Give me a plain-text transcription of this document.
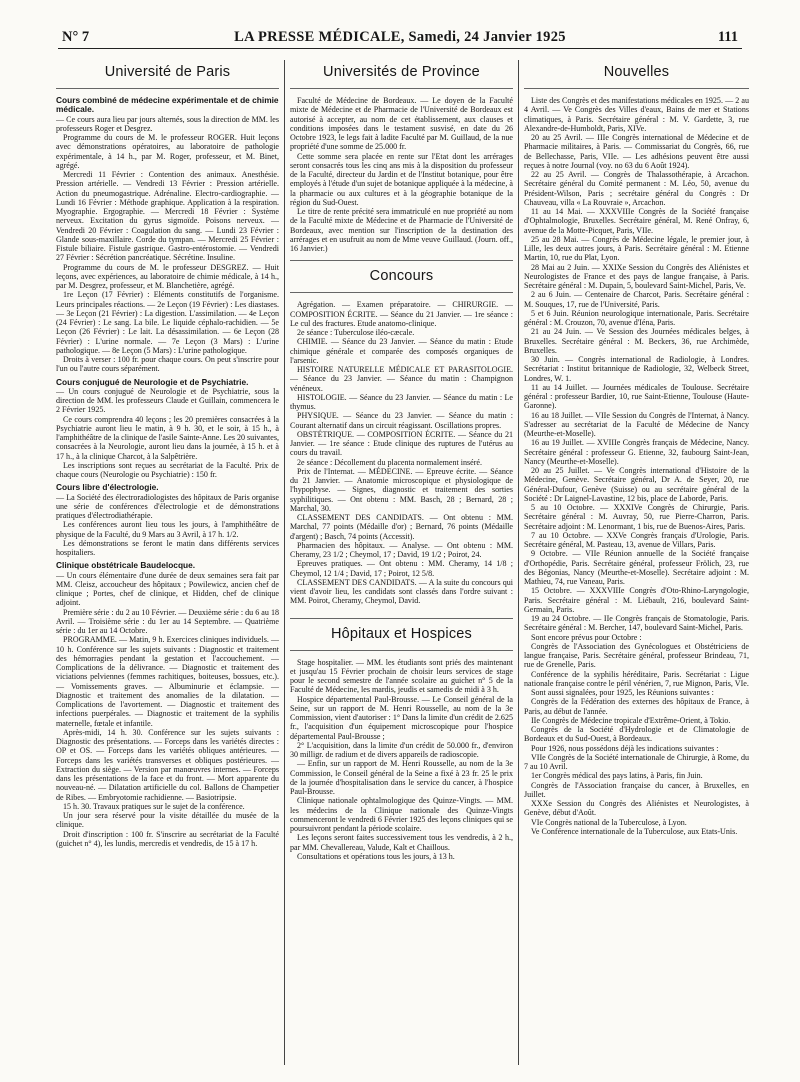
N° 7	LA PRESSE MÉDICALE, Samedi, 24 Janvier 1925	111
Université de Paris
Cours combiné de médecine expérimentale et de chimie médicale.

— Ce cours aura lieu par jours alternés, sous la direction de MM. les professeurs Roger et Desgrez.

Programme du cours de M. le professeur ROGER. Huit leçons avec démonstrations opératoires, au laboratoire de pathologie expérimentale, à 14 h., par M. Roger, professeur, et M. Binet, agrégé.

Mercredi 11 Février : Contention des animaux. Anesthésie. Pression artérielle. — Vendredi 13 Février : Pression artérielle. Action du pneumogastrique. Adrénaline. Electro-cardiographie. — Lundi 16 Février : Méthode graphique. Application à la respiration. Myographie. Ergographie. — Mercredi 18 Février : Système nerveux. Excitation du gyrus sigmoïde. Poisons nerveux. — Vendredi 20 Février : Coagulation du sang. — Lundi 23 Février : Glande sous-maxillaire. Corde du tympan. — Mercredi 25 Février : Fistule biliaire. Fistule gastrique. Gastro-entérostomie. — Vendredi 27 Février : Sécrétion pancréatique. Sécrétine. Insuline.

Programme du cours de M. le professeur DESGREZ. — Huit leçons, avec expériences, au laboratoire de chimie médicale, à 14 h., par M. Desgrez, professeur, et M. Blanchetière, agrégé.

1re Leçon (17 Février) : Eléments constitutifs de l'organisme. Leurs principales réactions. — 2e Leçon (19 Février) : Les diastases. — 3e Leçon (21 Février) : La digestion. L'assimilation. — 4e Leçon (24 Février) : Le sang. La bile. Le liquide céphalo-rachidien. — 5e Leçon (26 Février) : Le lait. La désassimilation. — 6e Leçon (28 Février) : L'urine normale. — 7e Leçon (3 Mars) : L'urine pathologique. — 8e Leçon (5 Mars) : L'urine pathologique.

Droits à verser : 100 fr. pour chaque cours. On peut s'inscrire pour l'un ou l'autre cours séparément.

Cours conjugué de Neurologie et de Psychiatrie.

— Un cours conjugué de Neurologie et de Psychiatrie, sous la direction de MM. les professeurs Claude et Guillain, commencera le 2 Février 1925.

Ce cours comprendra 40 leçons ; les 20 premières consacrées à la Psychiatrie auront lieu le matin, à 9 h. 30, et le soir, à 15 h., à l'amphithéâtre de la clinique de l'asile Sainte-Anne. Les 20 suivantes, consacrées à la Neurologie, auront lieu dans la journée, à 15 h. et à 17 h., à la clinique Charcot, à la Salpêtrière.

Les inscriptions sont reçues au secrétariat de la Faculté. Prix de chaque cours (Neurologie ou Psychiatrie) : 150 fr.

Cours libre d'électrologie.

— La Société des électroradiologistes des hôpitaux de Paris organise une série de conférences d'électrologie et de démonstrations pratiques d'électrodiathérapie.

Les conférences auront lieu tous les jours, à l'amphithéâtre de physique de la Faculté, du 9 Mars au 3 Avril, à 17 h. 1/2.

Les démonstrations se feront le matin dans différents services hospitaliers.

Clinique obstétricale Baudelocque.

— Un cours élémentaire d'une durée de deux semaines sera fait par MM. Cleisz, accoucheur des hôpitaux ; Powilewicz, ancien chef de clinique ; Portes, chef de clinique, et Hidden, chef de clinique adjoint.

Première série : du 2 au 10 Février. — Deuxième série : du 6 au 18 Avril. — Troisième série : du 1er au 14 Septembre. — Quatrième série : du 1er au 14 Octobre.

PROGRAMME. — Matin, 9 h. Exercices cliniques individuels. — 10 h. Conférence sur les sujets suivants : Diagnostic et traitement des hémorragies pendant la gestation et l'accouchement. — Complications de la délivrance. — Diagnostic et traitement des viciations pelviennes (femmes rachitiques, boiteuses, bossues, etc.). — Vomissements graves. — Albuminurie et éclampsie. — Diagnostic et traitement des anomalies de la dilatation. — Complications de l'avortement. — Diagnostic et traitement des infections puerpérales. — Diagnostic et traitement de la syphilis maternelle, fœtale et infantile.

Après-midi, 14 h. 30. Conférence sur les sujets suivants : Diagnostic des présentations. — Forceps dans les variétés directes : OP et OS. — Forceps dans les variétés obliques antérieures. — Forceps dans les variétés transverses et obliques postérieures. — Extraction du siège. — Version par manœuvres internes. — Forceps dans les présentations de la face et du front. — Mort apparente du nouveau-né. — Dilatation artificielle du col. Ballons de Champetier de Ribes. — Embryotomie rachidienne. — Basiotripsie.

15 h. 30. Travaux pratiques sur le sujet de la conférence.

Un jour sera réservé pour la visite détaillée du musée de la clinique.

Droit d'inscription : 100 fr. S'inscrire au secrétariat de la Faculté (guichet n° 4), les lundis, mercredis et vendredis, de 15 à 17 h.

Universités de Province

Faculté de Médecine de Bordeaux. — Le doyen de la Faculté mixte de Médecine et de Pharmacie de l'Université de Bordeaux est autorisé à accepter, au nom de cet établissement, aux clauses et conditions imposées dans le testament susvisé, en date du 26 Octobre 1923, le legs fait à ladite Faculté par M. Guillaud, de la nue propriété d'une somme de 25.000 fr.

Cette somme sera placée en rente sur l'Etat dont les arrérages seront consacrés tous les cinq ans mis à la disposition du professeur de la Faculté, directeur du Jardin et de l'Institut botanique, pour être employés à l'étude d'un sujet de botanique appliquée à la médecine, à la pharmacie ou aux cultures et à la géographie botanique de la région du Sud-Ouest.

Le titre de rente précité sera immatriculé en nue propriété au nom de la Faculté mixte de Médecine et de Pharmacie de l'Université de Bordeaux, avec mention sur l'inscription de la destination des arrérages et en usufruit au nom de Mme veuve Guillaud. (Journ. off., 16 Janvier.)

Concours

Agrégation. — Examen préparatoire. — CHIRURGIE. — COMPOSITION ÉCRITE. — Séance du 21 Janvier. — 1re séance : Le cul des fractures. Etude anatomo-clinique.

2e séance : Tuberculose iléo-cæcale.

CHIMIE. — Séance du 23 Janvier. — Séance du matin : Etude chimique générale et comparée des composés organiques de l'arsenic.

HISTOIRE NATURELLE MÉDICALE ET PARASITOLOGIE. — Séance du 23 Janvier. — Séance du matin : Champignon vénéneux.

HISTOLOGIE. — Séance du 23 Janvier. — Séance du matin : Le thymus.

PHYSIQUE. — Séance du 23 Janvier. — Séance du matin : Courant alternatif dans un circuit réagissant. Oscillations propres.

OBSTÉTRIQUE. — COMPOSITION ÉCRITE. — Séance du 21 Janvier. — 1re séance : Etude clinique des ruptures de l'utérus au cours du travail.

2e séance : Décollement du placenta normalement inséré.

Prix de l'Internat. — MÉDECINE. — Epreuve écrite. — Séance du 21 Janvier. — Anatomie microscopique et physiologique de l'hypophyse. — Signes, diagnostic et traitement des sorties syphilitiques. — Ont obtenu : MM. Basch, 28 ; Bernard, 28 ; Marchal, 30.

CLASSEMENT DES CANDIDATS. — Ont obtenu : MM. Marchal, 77 points (Médaille d'or) ; Bernard, 76 points (Médaille d'argent) ; Basch, 74 points (Accessit).

Pharmacien des hôpitaux. — Analyse. — Ont obtenu : MM. Cheramy, 23 1/2 ; Cheymol, 17 ; David, 19 1/2 ; Poirot, 24.

Epreuves pratiques. — Ont obtenu : MM. Cheramy, 14 1/8 ; Cheymol, 12 1/4 ; David, 17 ; Poirot, 12 5/8.

CLASSEMENT DES CANDIDATS. — A la suite du concours qui vient d'avoir lieu, les candidats sont classés dans l'ordre suivant : MM. Poirot, Cheramy, Cheymol, David.

Hôpitaux et Hospices

Stage hospitalier. — MM. les étudiants sont priés des maintenant et jusqu'au 15 Février prochain de choisir leurs services de stage pour le second semestre de l'année scolaire au guichet n° 5 de la Faculté de Médecine, les mardis, jeudis et samedis de midi à 3 h.

Hospice départemental Paul-Brousse. — Le Conseil général de la Seine, sur un rapport de M. Henri Rousselle, au nom de la 3e Commission, vient d'autoriser : 1° Dans la limite d'un crédit de 2.625 fr., l'acquisition d'un équipement microscopique pour l'hospice départemental Paul-Brousse ;

2° L'acquisition, dans la limite d'un crédit de 50.000 fr., d'environ 30 milligr. de radium et de divers appareils de radioscopie.

— Enfin, sur un rapport de M. Henri Rousselle, au nom de la 3e Commission, le Conseil général de la Seine a fixé à 23 fr. 25 le prix de la journée d'hospitalisation dans le service du cancer, à l'hospice Paul-Brousse.

Clinique nationale ophtalmologique des Quinze-Vingts. — MM. les médecins de la Clinique nationale des Quinze-Vingts commenceront le vendredi 6 Février 1925 des leçons cliniques qui se poursuivront pendant la période scolaire.

Les leçons seront faites successivement tous les vendredis, à 2 h., par MM. Chevallereau, Valude, Kalt et Chaillous.

Consultations et opérations tous les jours, à 13 h.

Nouvelles

Liste des Congrès et des manifestations médicales en 1925. — 2 au 4 Avril. — Ve Congrès des Villes d'eaux, Bains de mer et Stations climatiques, à Paris. Secrétaire général : M. V. Gardette, 3, rue Alexandre-de-Humboldt, Paris, XIVe.

20 au 25 Avril. — IIIe Congrès international de Médecine et de Pharmacie militaires, à Paris. — Commissariat du Congrès, 66, rue de Bellechasse, Paris, VIIe. — Les adhésions peuvent être aussi reçues à notre Journal (voy. no 63 du 6 Août 1924).

22 au 25 Avril. — Congrès de Thalassothérapie, à Arcachon. Secrétaire général du Comité permanent : M. Léo, 50, avenue du Président-Wilson, Paris ; secrétaire général du Congrès : Dr Chauveau, villa « La Rouvraie », Arcachon.

11 au 14 Mai. — XXXVIIIe Congrès de la Société française d'Ophtalmologie, Bruxelles. Secrétaire général, M. René Onfray, 6, avenue de la Motte-Picquet, Paris, VIIe.

25 au 28 Mai. — Congrès de Médecine légale, le premier jour, à Lille, les deux autres jours, à Paris. Secrétaire général : M. Etienne Martin, 10, rue du Plat, Lyon.

28 Mai au 2 Juin. — XXIXe Session du Congrès des Aliénistes et Neurologistes de France et des pays de langue française, à Paris. Secrétaire général : M. Dupain, 5, boulevard Saint-Michel, Paris, Ve.

2 au 6 Juin. — Centenaire de Charcot, Paris. Secrétaire général : M. Souques, 17, rue de l'Université, Paris.

5 et 6 Juin. Réunion neurologique internationale, Paris. Secrétaire général : M. Crouzon, 70, avenue d'Iéna, Paris.

21 au 24 Juin. — Ve Session des Journées médicales belges, à Bruxelles. Secrétaire général : M. Beckers, 36, rue Archimède, Bruxelles.

30 Juin. — Congrès international de Radiologie, à Londres. Secrétariat : Institut britannique de Radiologie, 32, Welbeck Street, Londres, W. 1.

11 au 14 Juillet. — Journées médicales de Toulouse. Secrétaire général : professeur Bardier, 10, rue Saint-Etienne, Toulouse (Haute-Garonne).

16 au 18 Juillet. — VIIe Session du Congrès de l'Internat, à Nancy. S'adresser au secrétariat de la Faculté de Médecine de Nancy (Meurthe-et-Moselle).

16 au 19 Juillet. — XVIIIe Congrès français de Médecine, Nancy. Secrétaire général : professeur G. Etienne, 32, faubourg Saint-Jean, Nancy (Meurthe-et-Moselle).

20 au 25 Juillet. — Ve Congrès international d'Histoire de la Médecine, Genève. Secrétaire général, Dr A. de Seyer, 20, rue Général-Dufour, Genève (Suisse) ou au secrétaire général de la Société : Dr Laignel-Lavastine, 12 bis, place de Laborde, Paris.

5 au 10 Octobre. — XXXIVe Congrès de Chirurgie, Paris. Secrétaire général : M. Auvray, 50, rue Pierre-Charron, Paris. Secrétaire adjoint : M. Lenormant, 1 bis, rue de Buenos-Aires, Paris.

7 au 10 Octobre. — XXVe Congrès français d'Urologie, Paris. Secrétaire général, M. Pasteau, 13, avenue de Villars, Paris.

9 Octobre. — VIIe Réunion annuelle de la Société française d'Orthopédie, Paris. Secrétaire général, professeur Frölich, 23, rue des Bégonias, Nancy (Meurthe-et-Moselle). Secrétaire adjoint : M. Mathieu, 74, rue Vaneau, Paris.

15 Octobre. — XXXVIIIe Congrès d'Oto-Rhino-Laryngologie, Paris. Secrétaire général : M. Liébault, 216, boulevard Saint-Germain, Paris.

19 au 24 Octobre. — IIe Congrès français de Stomatologie, Paris. Secrétaire général : M. Bercher, 147, boulevard Saint-Michel, Paris.

Sont encore prévus pour Octobre :

Congrès de l'Association des Gynécologues et Obstétriciens de langue française, Paris. Secrétaire général, professeur Brindeau, 71, rue de Grenelle, Paris.

Conférence de la syphilis héréditaire, Paris. Secrétariat : Ligue nationale française contre le péril vénérien, 7, rue Mignon, Paris, VIe.

Sont aussi signalées, pour 1925, les Réunions suivantes :

Congrès de la Fédération des externes des hôpitaux de France, à Paris, au début de l'année.

IIe Congrès de Médecine tropicale d'Extrême-Orient, à Tokio.

Congrès de la Société d'Hydrologie et de Climatologie de Bordeaux et du Sud-Ouest, à Bordeaux.

Pour 1926, nous possédons déjà les indications suivantes :

VIIe Congrès de la Société internationale de Chirurgie, à Rome, du 7 au 10 Avril.

1er Congrès médical des pays latins, à Paris, fin Juin.

Congrès de l'Association française du cancer, à Bruxelles, en Juillet.

XXXe Session du Congrès des Aliénistes et Neurologistes, à Genève, début d'Août.

VIe Congrès national de la Tuberculose, à Lyon.

Ve Conférence internationale de la Tuberculose, aux Etats-Unis.
